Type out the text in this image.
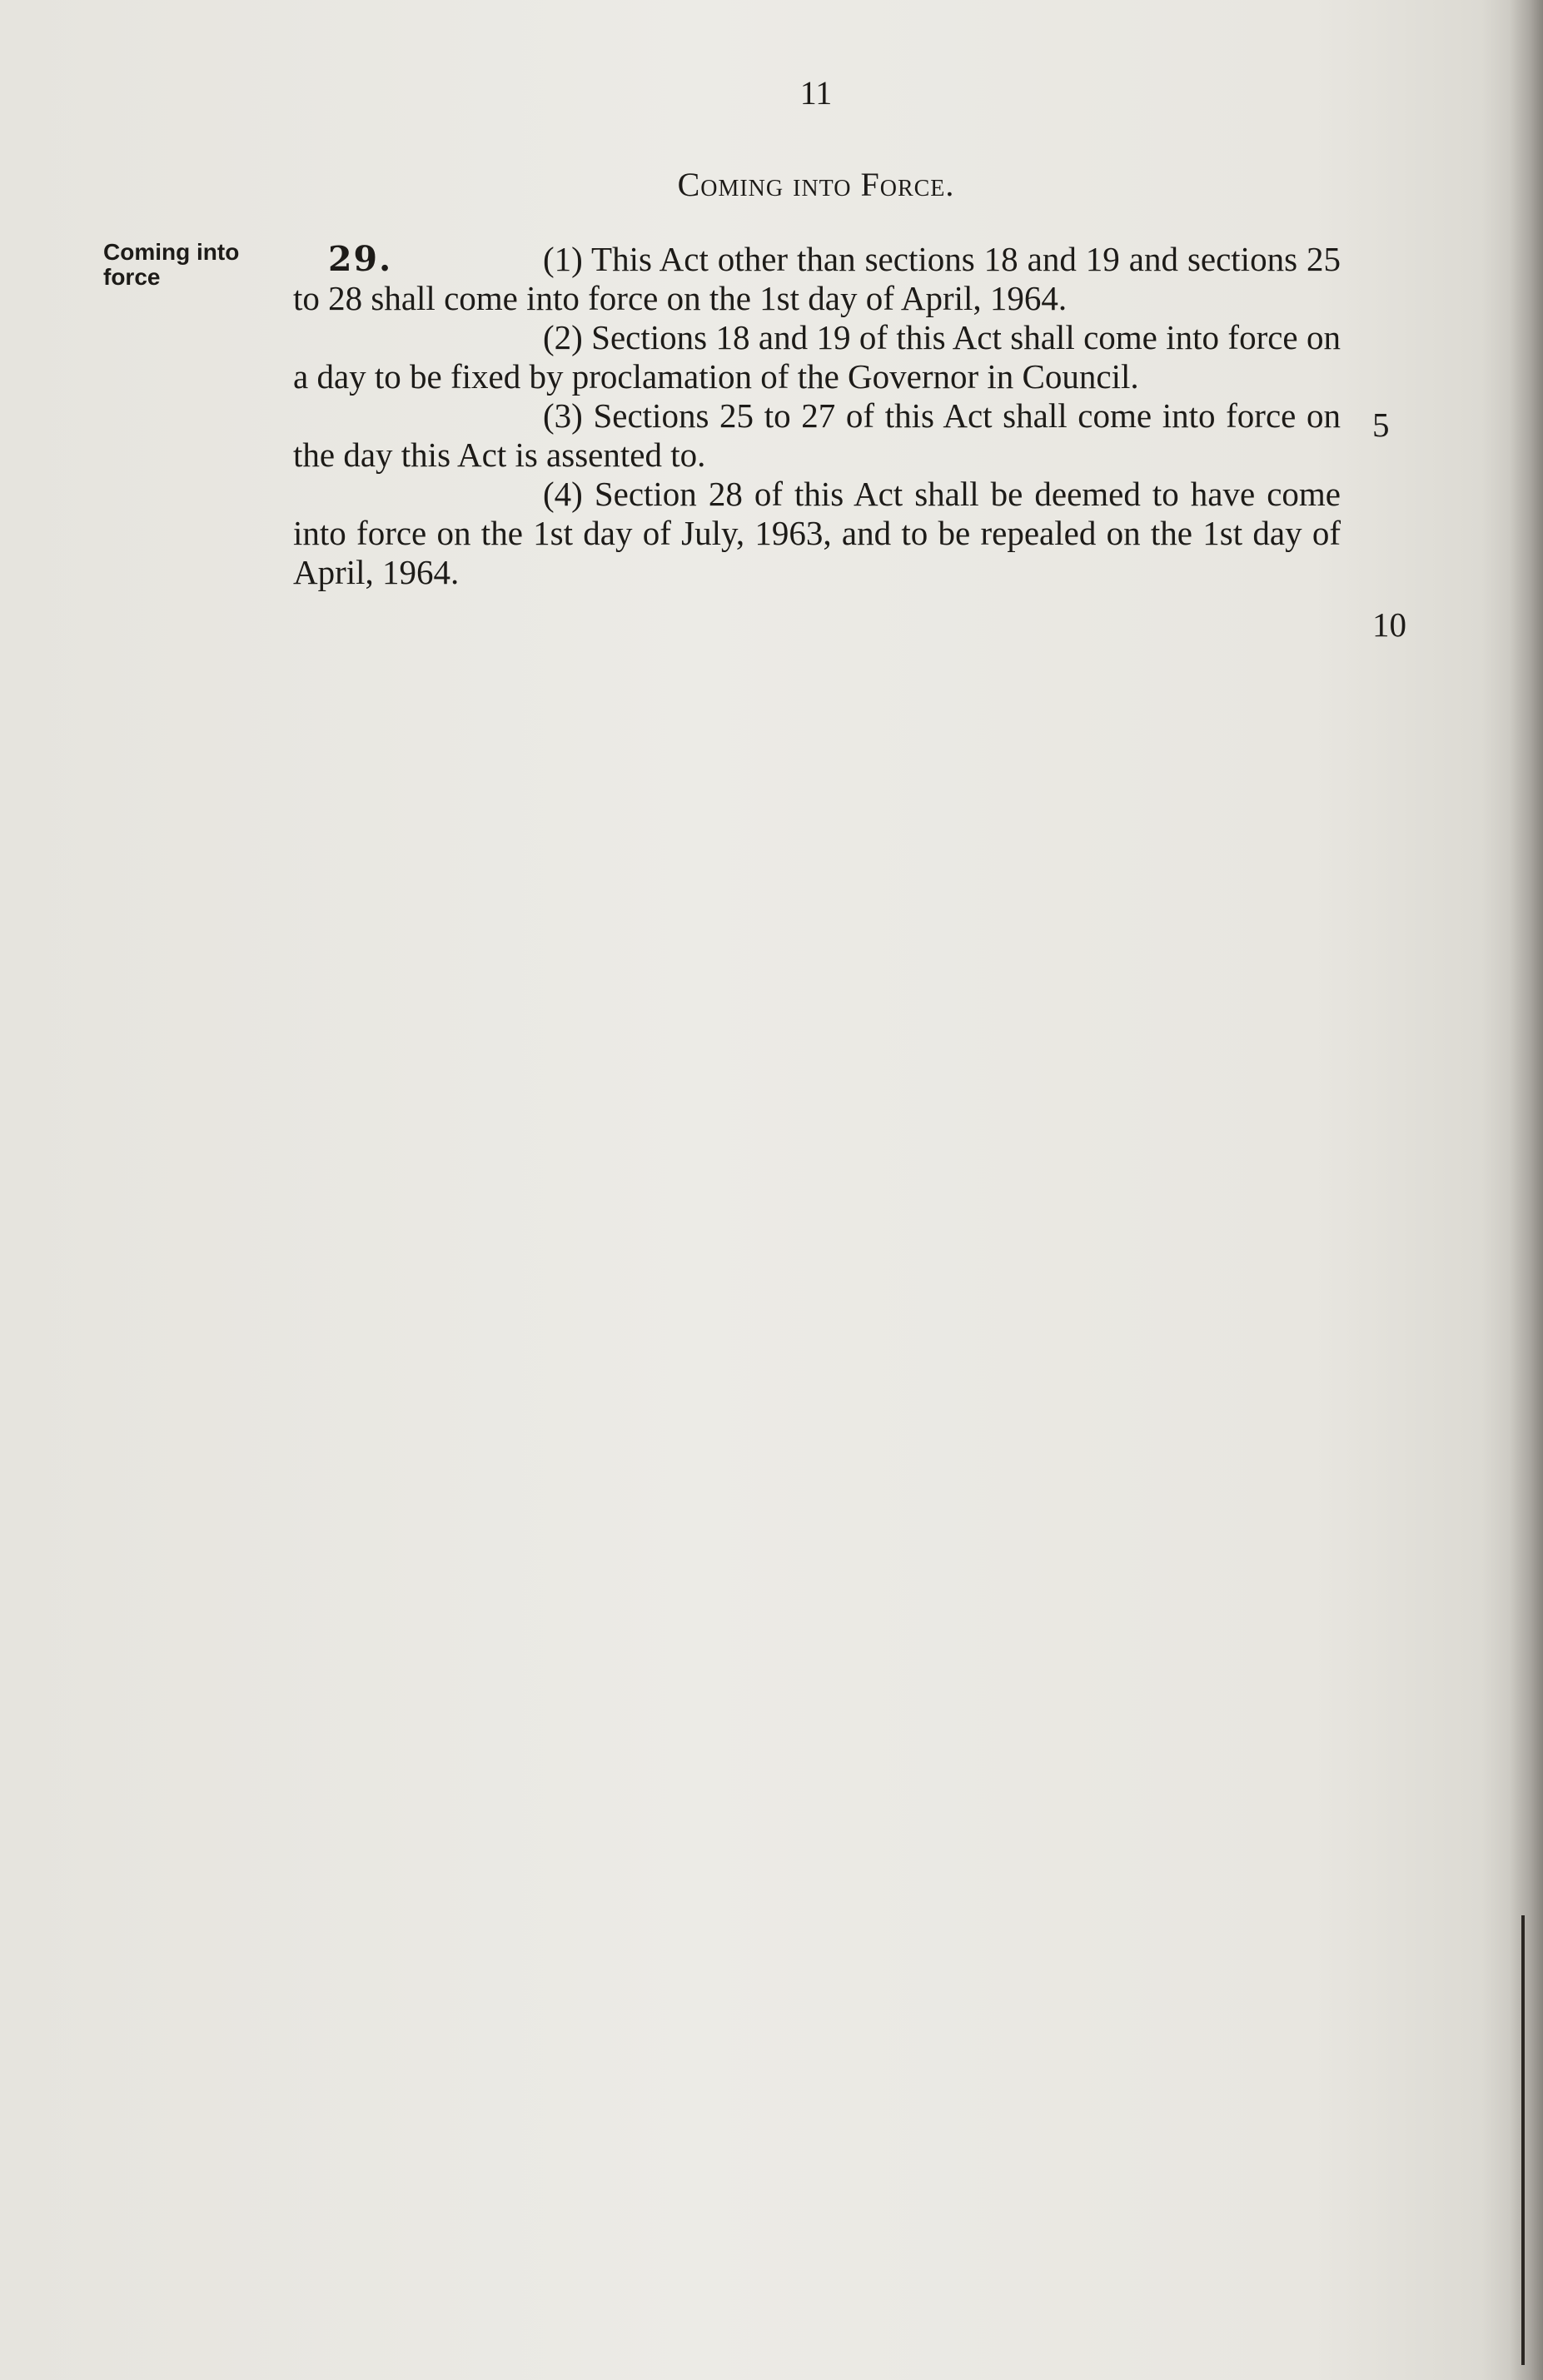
11
Coming into Force.
Coming into force	29.	(1) This Act other than sections 18 and 19 and sections 25 to 28 shall come into force on the 1st day of April, 1964.

(2) Sections 18 and 19 of this Act shall come into force on a day to be fixed by proclamation of the Governor in Council.

(3) Sections 25 to 27 of this Act shall come into force on the day this Act is assented to.

(4) Section 28 of this Act shall be deemed to have come into force on the 1st day of July, 1963, and to be repealed on the 1st day of April, 1964.

5
10
